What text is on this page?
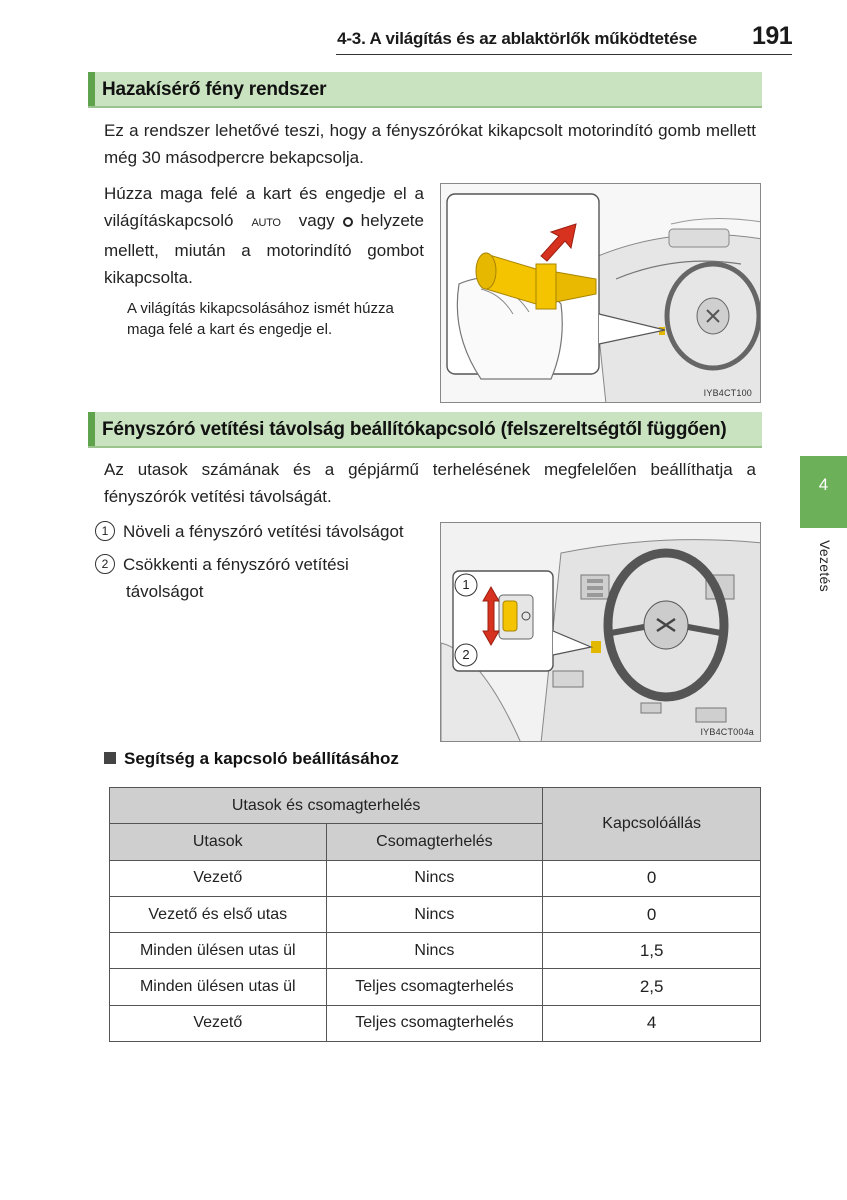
4-3. A világítás és az ablaktörlők működtetése 191
4
Vezetés
Hazakísérő fény rendszer
Ez a rendszer lehetővé teszi, hogy a fényszórókat kikapcsolt motorindító gomb mellett még 30 másodpercre bekapcsolja.
Húzza maga felé a kart és engedje el a világításkapcsoló AUTO vagy helyzete mellett, miután a motorindító gombot kikapcsolta.
A világítás kikapcsolásához ismét húzza maga felé a kart és engedje el.
IYB4CT100
Fényszóró vetítési távolság beállítókapcsoló (felszereltségtől függően)
Az utasok számának és a gépjármű terhelésének megfelelően beállíthatja a fényszórók vetítési távolságát.
1 Növeli a fényszóró vetítési távolságot
2 Csökkenti a fényszóró vetítési távolságot	1
2
IYB4CT004a
Segítség a kapcsoló beállításához
Utasok és csomagterhelés		Kapcsolóállás
Utasok	Csomagterhelés	
Vezető	Nincs	0
Vezető és első utas	Nincs	0
Minden ülésen utas ül	Nincs	1,5
Minden ülésen utas ül	Teljes csomagterhelés	2,5
Vezető	Teljes csomagterhelés	4
